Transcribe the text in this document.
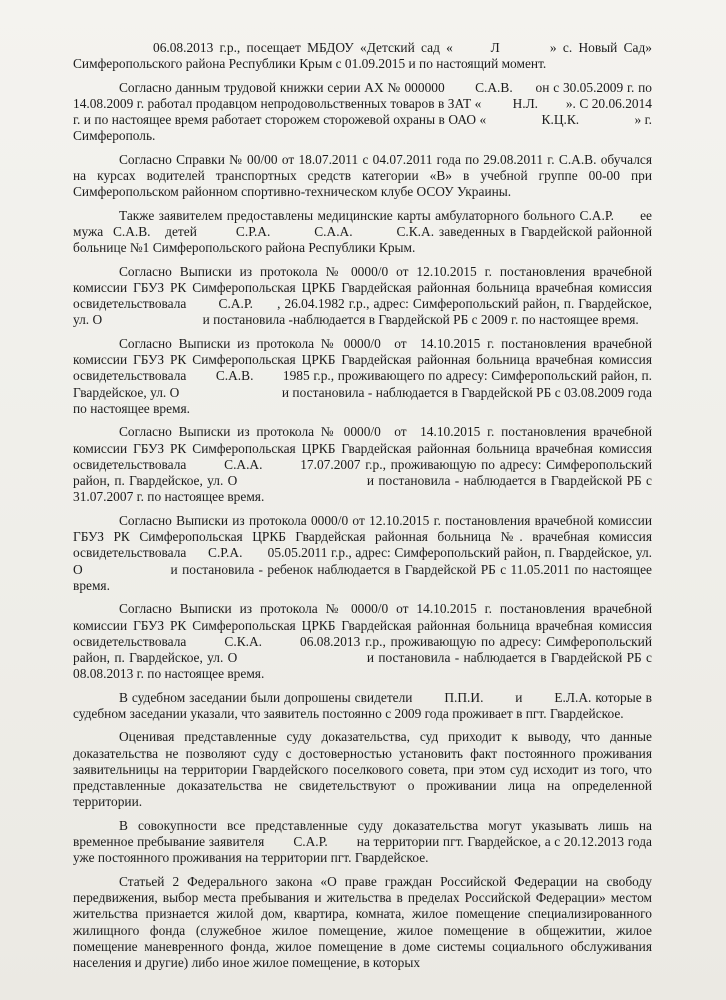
06.08.2013 г.р., посещает МБДОУ «Детский сад «      Л        » с. Новый Сад» Симферопольского района Республики Крым с 01.09.2015 и по настоящий момент.

Согласно данным трудовой книжки серии АХ № 000000        С.А.В.      он с 30.05.2009 г. по 14.08.2009 г. работал продавцом непродовольственных товаров в ЗАТ «         Н.Л.        ». С 20.06.2014 г. и по настоящее время работает сторожем сторожевой охраны в ОАО «                К.Ц.К.                » г. Симферополь.

Согласно Справки № 00/00 от 18.07.2011 с 04.07.2011 года по 29.08.2011 г. С.А.В. обучался на курсах водителей транспортных средств категории «В» в учебной группе 00-00 при Симферопольском районном спортивно-техническом клубе ОСОУ Украины.

Также заявителем предоставлены медицинские карты амбулаторного больного С.А.Р.      ее мужа  С.А.В.   детей        С.Р.А.         С.А.А.         С.К.А. заведенных в Гвардейской районной больнице №1 Симферопольского района Республики Крым.

Согласно Выписки из протокола № 0000/0 от 12.10.2015 г. постановления врачебной комиссии ГБУЗ РК Симферопольская ЦРКБ Гвардейская районная больница врачебная комиссия освидетельствовала        С.А.Р.      , 26.04.1982 г.р., адрес: Симферопольский район, п. Гвардейское, ул. О                              и постановила -наблюдается в Гвардейской РБ с 2009 г. по настоящее время.

Согласно Выписки из протокола № 0000/0  от  14.10.2015 г. постановления врачебной комиссии ГБУЗ РК Симферопольская ЦРКБ Гвардейская районная больница врачебная комиссия освидетельствовала        С.А.В.        1985 г.р., проживающего по адресу: Симферопольский район, п. Гвардейское, ул. О                              и постановила - наблюдается в Гвардейской РБ с 03.08.2009 года по настоящее время.

Согласно Выписки из протокола № 0000/0  от  14.10.2015 г. постановления врачебной комиссии ГБУЗ РК Симферопольская ЦРКБ Гвардейская районная больница врачебная комиссия освидетельствовала        С.А.А.        17.07.2007 г.р., проживающую по адресу: Симферопольский район, п. Гвардейское, ул. О                              и постановила - наблюдается в Гвардейской РБ с 31.07.2007 г. по настоящее время.

Согласно Выписки из протокола 0000/0 от 12.10.2015 г. постановления врачебной комиссии ГБУЗ РК Симферопольская ЦРКБ Гвардейская районная больница №. врачебная комиссия освидетельствовала      С.Р.А.       05.05.2011 г.р., адрес: Симферопольский район, п. Гвардейское, ул. О                    и постановила - ребенок наблюдается в Гвардейской РБ с 11.05.2011 по настоящее время.

Согласно Выписки из протокола № 0000/0 от 14.10.2015 г. постановления врачебной комиссии ГБУЗ РК Симферопольская ЦРКБ Гвардейская районная больница врачебная комиссия освидетельствовала        С.К.А.        06.08.2013 г.р., проживающую по адресу: Симферопольский район, п. Гвардейское, ул. О                              и постановила - наблюдается в Гвардейской РБ с 08.08.2013 г. по настоящее время.

В судебном заседании были допрошены свидетели        П.П.И.        и        Е.Л.А. которые в судебном заседании указали, что заявитель постоянно с 2009 года проживает в пгт. Гвардейское.

Оценивая представленные суду доказательства, суд приходит к выводу, что данные доказательства не позволяют суду с достоверностью установить факт постоянного проживания заявительницы на территории Гвардейского поселкового совета, при этом суд исходит из того, что представленные доказательства не свидетельствуют о проживании лица на определенной территории.

В совокупности все представленные суду доказательства могут указывать лишь на временное пребывание заявителя        С.А.Р.        на территории пгт. Гвардейское, а с 20.12.2013 года уже постоянного проживания на территории пгт. Гвардейское.

Статьей 2 Федерального закона «О праве граждан Российской Федерации на свободу передвижения, выбор места пребывания и жительства в пределах Российской Федерации» местом жительства признается жилой дом, квартира, комната, жилое помещение специализированного жилищного фонда (служебное жилое помещение, жилое помещение в общежитии, жилое помещение маневренного фонда, жилое помещение в доме системы социального обслуживания населения и другие) либо иное жилое помещение, в которых
